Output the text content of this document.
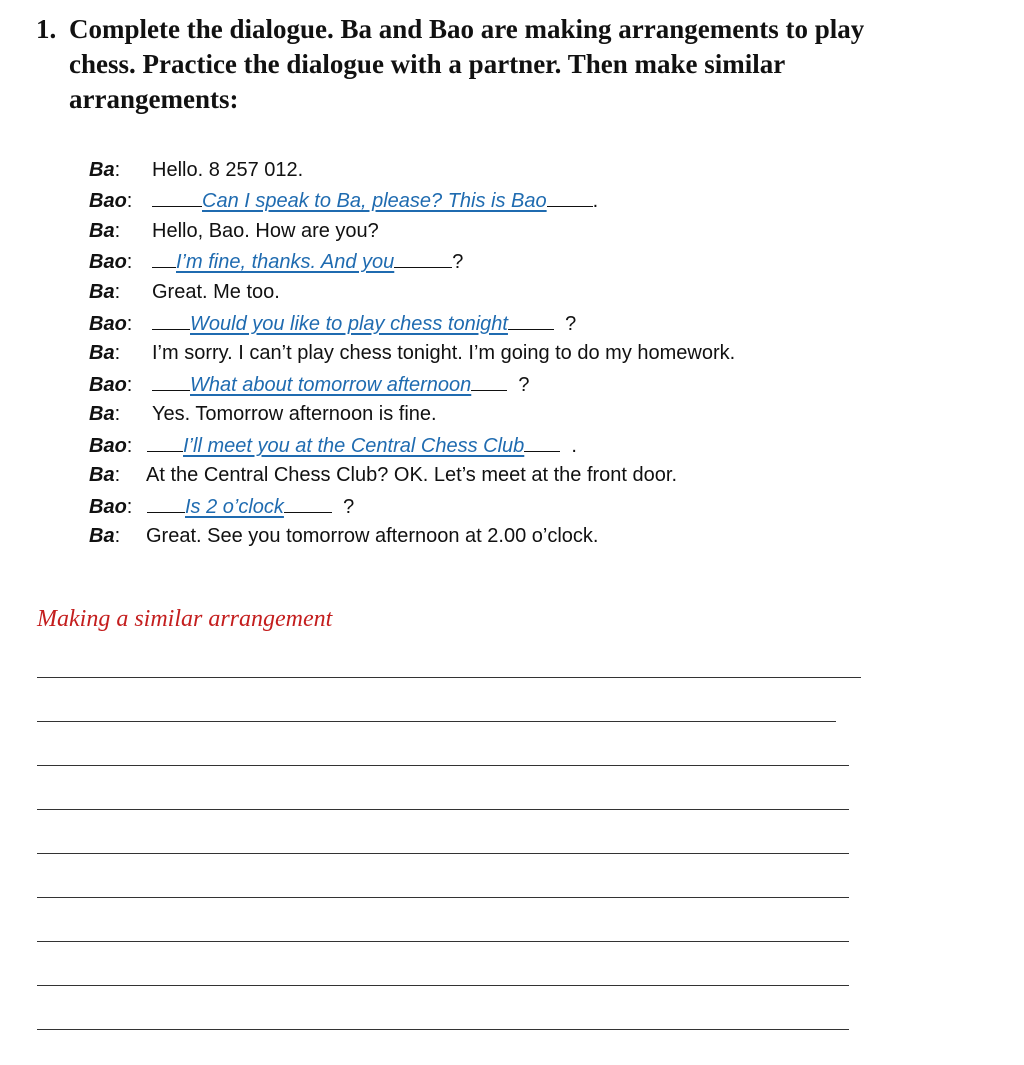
1. Complete the dialogue. Ba and Bao are making arrangements to play chess. Practice the dialogue with a partner. Then make similar arrangements:
Ba: Hello. 8 257 012.
Bao:	Can I speak to Ba, please? This is Bao .
Ba: Hello, Bao. How are you?
Bao: I’m fine, thanks. And you	?
Ba: Great. Me too.
Bao:	Would you like to play chess tonight	?
Ba: I’m sorry. I can’t play chess tonight. I’m going to do my homework.
Bao:	What about tomorrow afternoon ?
Ba: Yes. Tomorrow afternoon is fine.
Bao:	I’ll meet you at the Central Chess Club .
Ba: At the Central Chess Club? OK. Let’s meet at the front door.
Bao:	Is 2 o’clock	?
Ba: Great. See you tomorrow afternoon at 2.00 o’clock.
Making a similar arrangement
